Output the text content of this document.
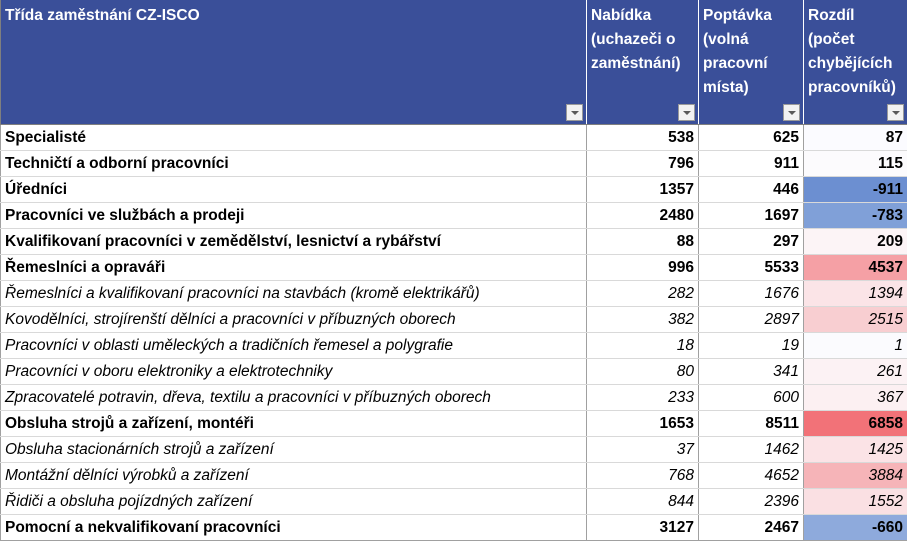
Třída zaměstnání CZ-ISCO	Nabídka (uchazeči o zaměstnání)	Poptávka (volná pracovní místa)	Rozdíl (počet chybějících pracovníků)

Specialisté	538	625	87
Techničtí a odborní pracovníci	796	911	115
Úředníci	1357	446	-911
Pracovníci ve službách a prodeji	2480	1697	-783
Kvalifikovaní pracovníci v zemědělství, lesnictví a rybářství	88	297	209
Řemeslníci a opraváři	996	5533	4537
Řemeslníci a kvalifikovaní pracovníci na stavbách (kromě elektrikářů)	282	1676	1394
Kovodělníci, strojírenští dělníci a pracovníci v příbuzných oborech	382	2897	2515
Pracovníci v oblasti uměleckých a tradičních řemesel a polygrafie	18	19	1
Pracovníci v oboru elektroniky a elektrotechniky	80	341	261
Zpracovatelé potravin, dřeva, textilu a pracovníci v příbuzných oborech	233	600	367
Obsluha strojů a zařízení, montéři	1653	8511	6858
Obsluha stacionárních strojů a zařízení	37	1462	1425
Montážní dělníci výrobků a zařízení	768	4652	3884
Řidiči a obsluha pojízdných zařízení	844	2396	1552
Pomocní a nekvalifikovaní pracovníci	3127	2467	-660
